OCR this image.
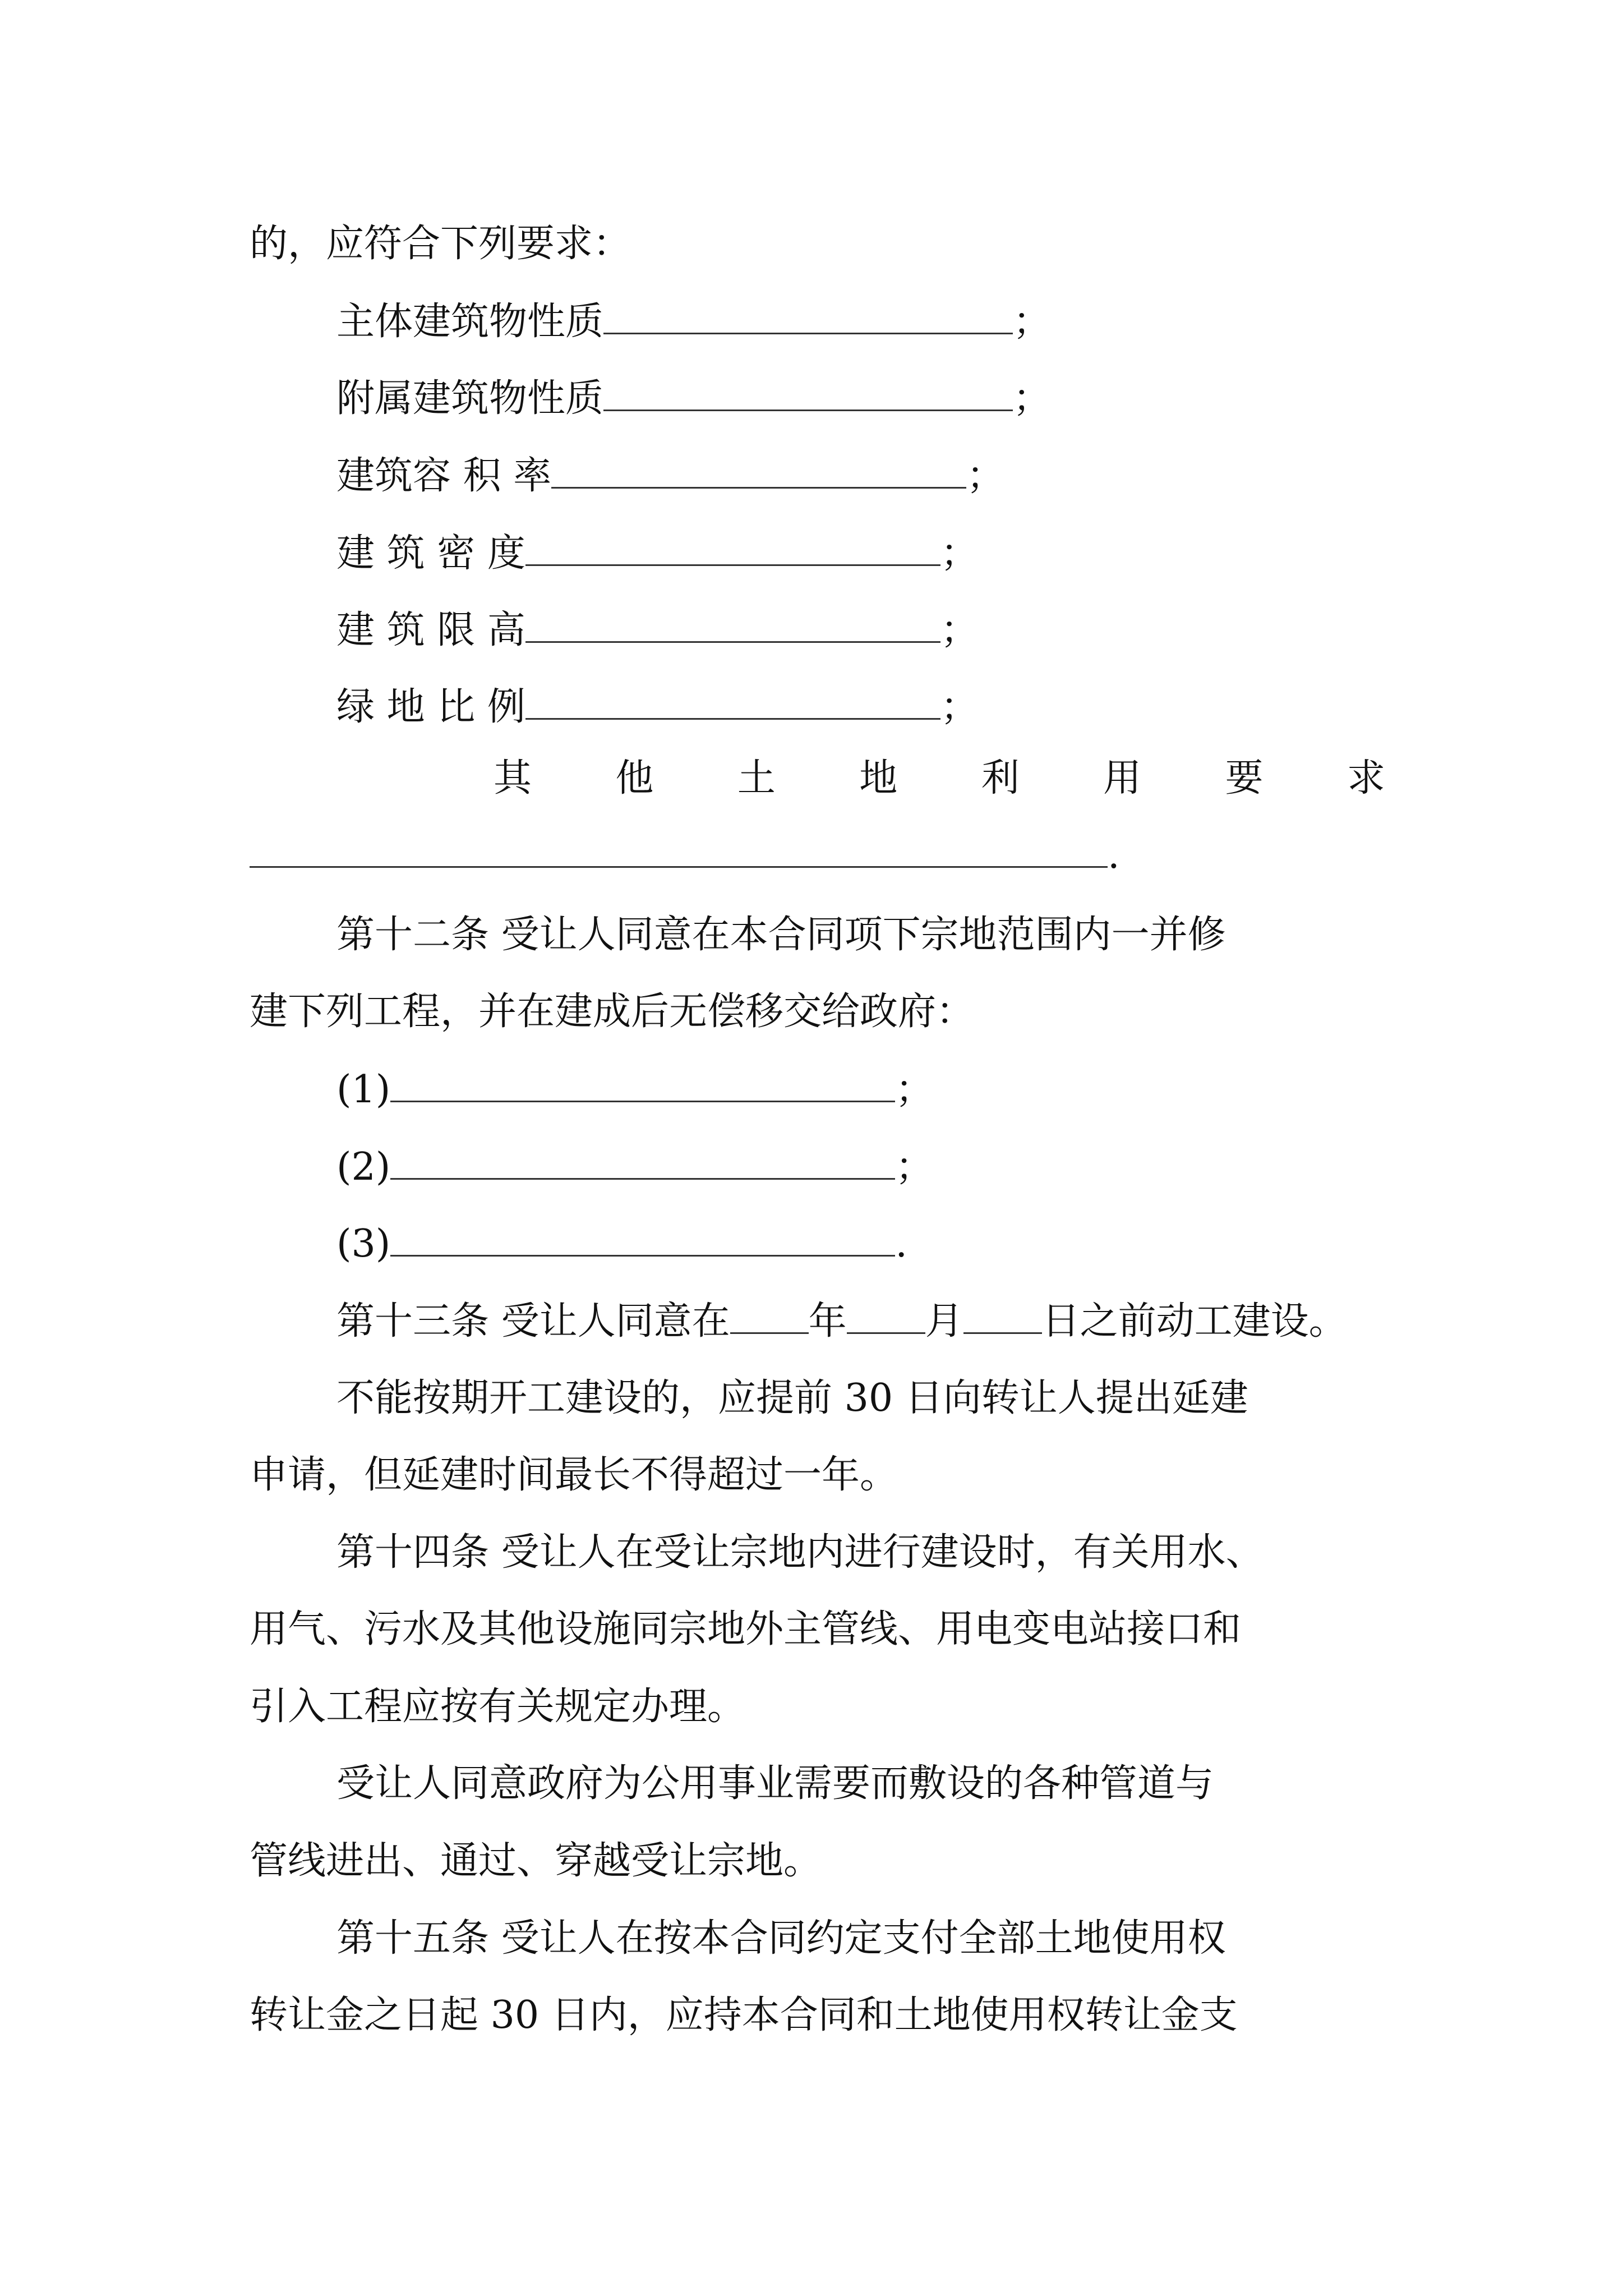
的，应符合下列要求：
主体建筑物性质	；
附属建筑物性质	；
建筑容 积 率	；
建 筑 密 度	；
建 筑 限 高	；
绿 地 比 例	；
其 他 土 地 利 用 要 求
.
第十二条 受让人同意在本合同项下宗地范围内一并修
建下列工程，并在建成后无偿移交给政府：
(1)	；
(2)	；
(3)	.
第十三条 受让人同意在 年 月 日之前动工建设。
不能按期开工建设的，应提前 30 日向转让人提出延建
申请，但延建时间最长不得超过一年。
第十四条 受让人在受让宗地内进行建设时，有关用水、
用气、污水及其他设施同宗地外主管线、用电变电站接口和
引入工程应按有关规定办理。
受让人同意政府为公用事业需要而敷设的各种管道与
管线进出、通过、穿越受让宗地。
第十五条 受让人在按本合同约定支付全部土地使用权
转让金之日起 30 日内，应持本合同和土地使用权转让金支
